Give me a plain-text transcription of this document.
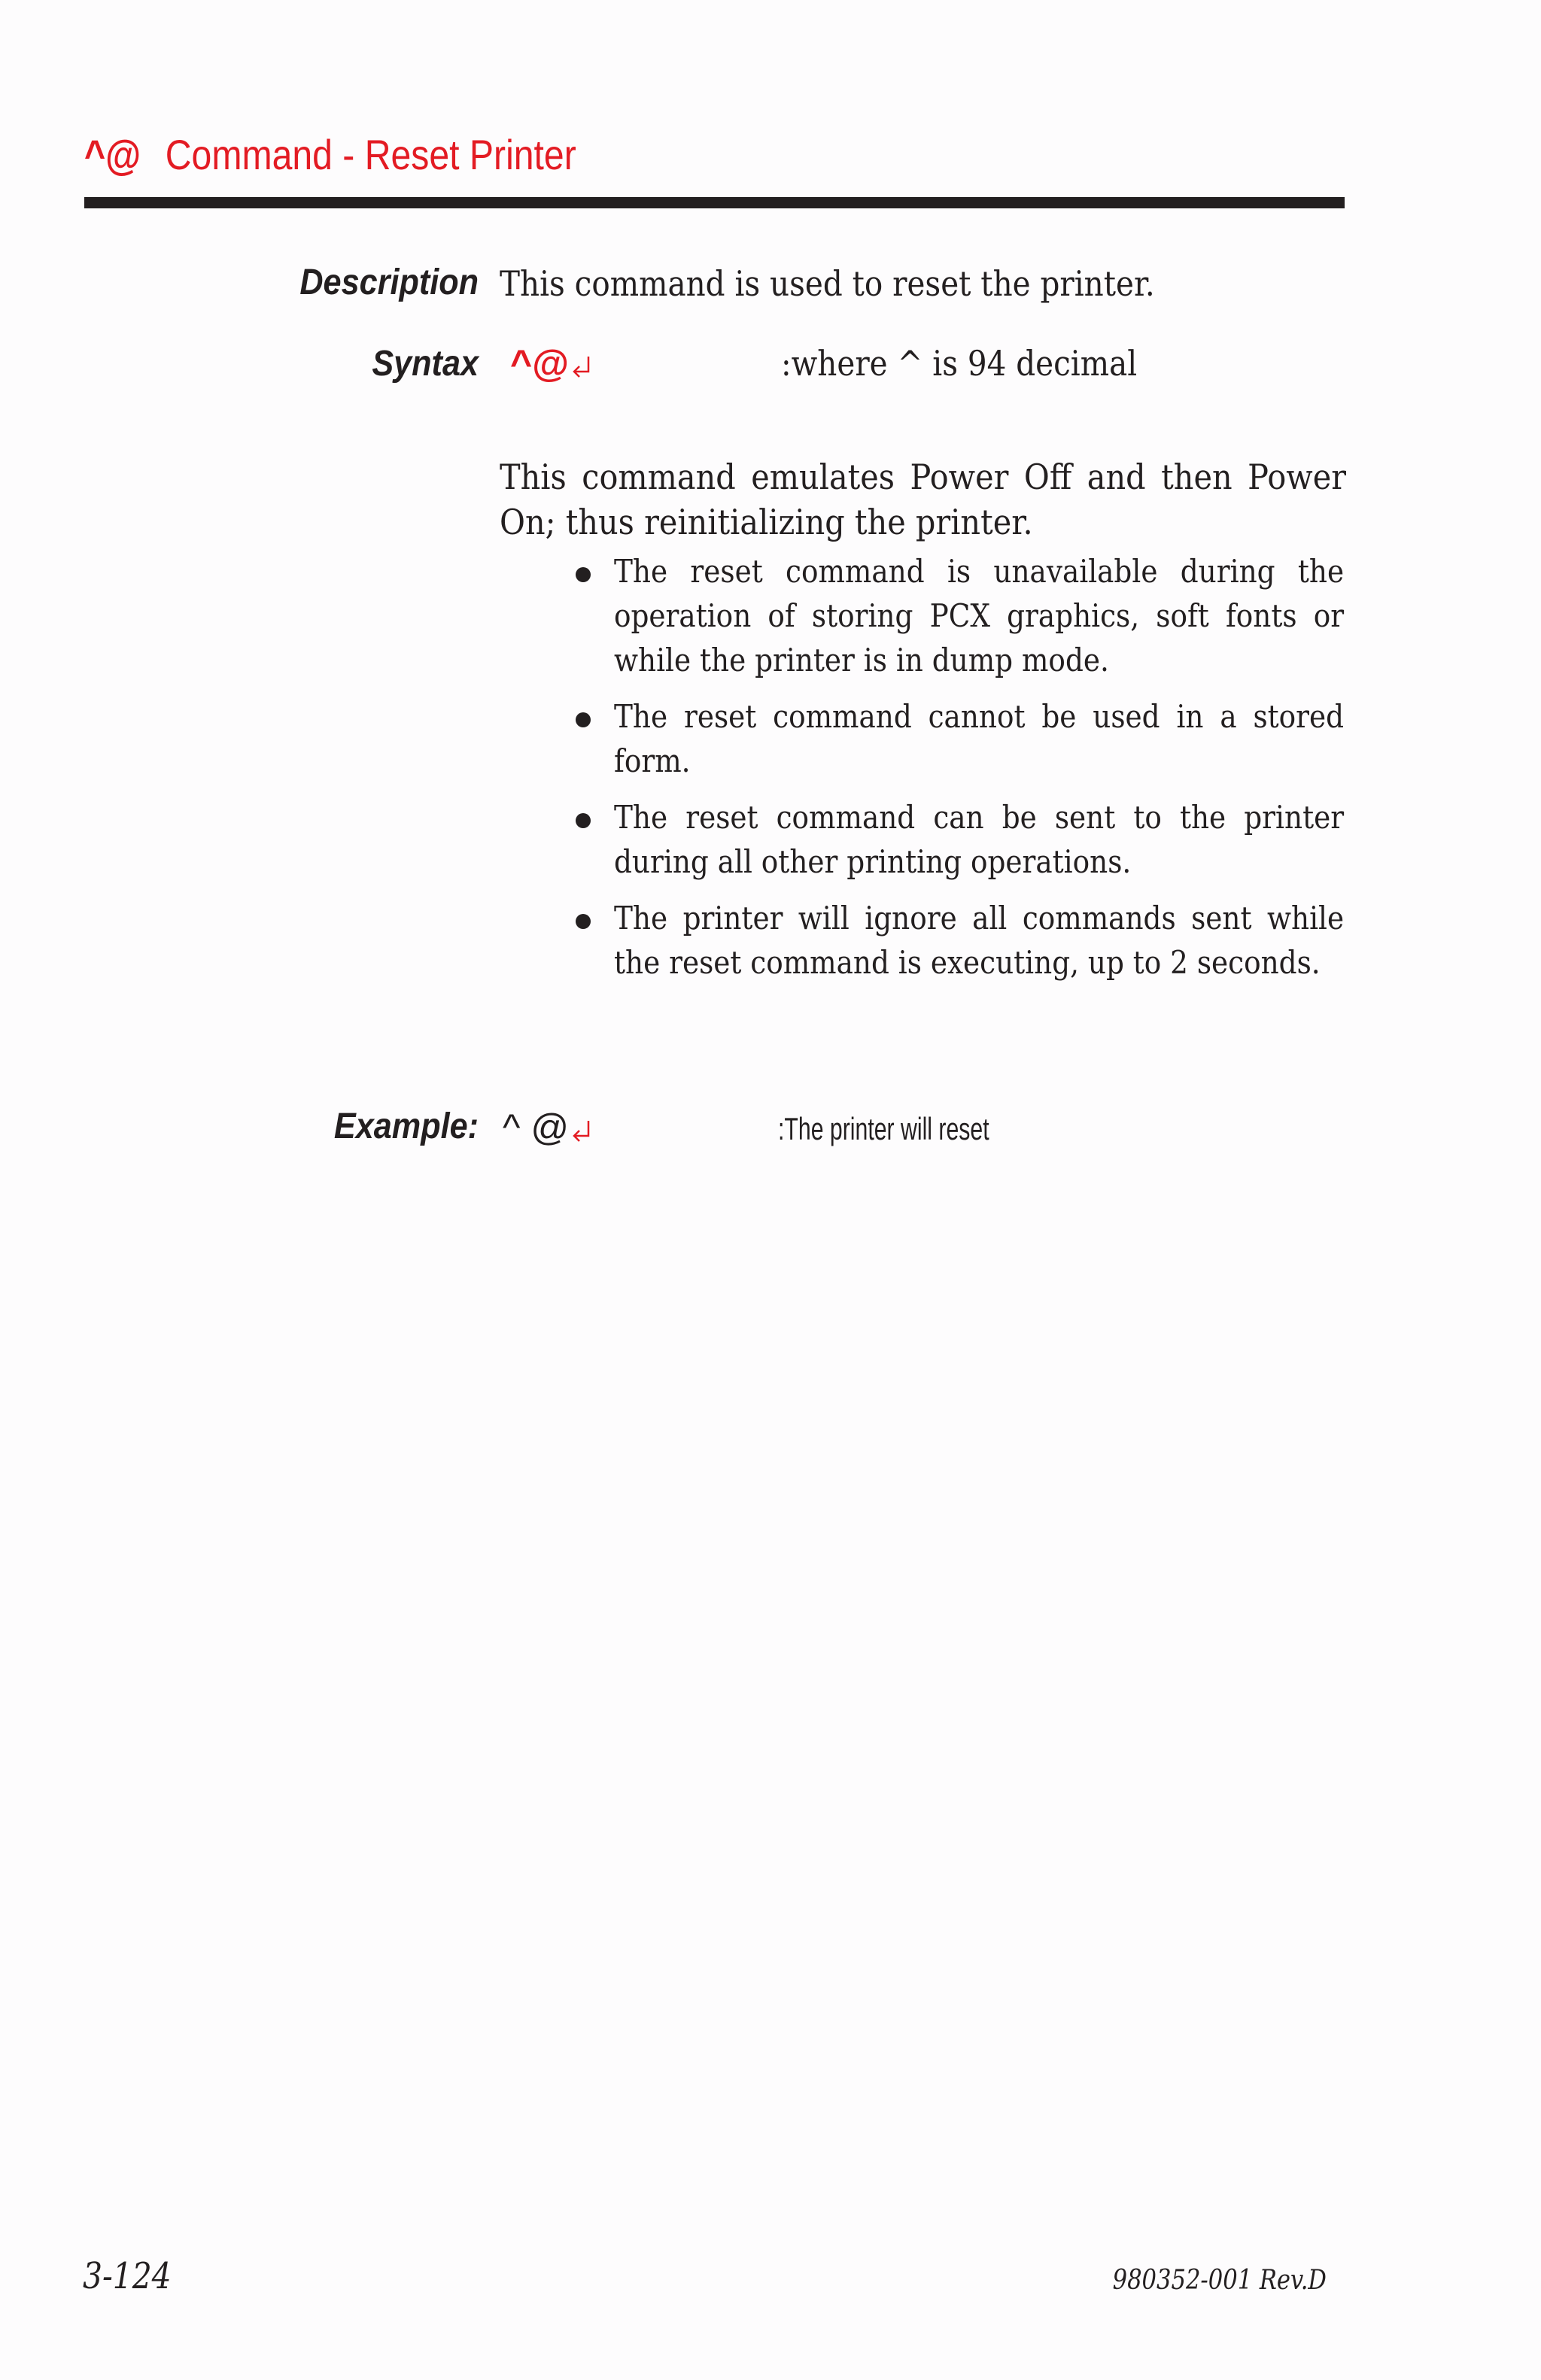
^@ Command - Reset Printer
Description This command is used to reset the printer.
Syntax ^@	:where ^ is 94 decimal
This command emulates Power Off and then Power On; thus reinitializing the printer.
The reset command is unavailable during the operation of storing PCX graphics, soft fonts or while the printer is in dump mode.
The reset command cannot be used in a stored form.
The reset command can be sent to the printer during all other printing operations.
The printer will ignore all commands sent while the reset command is executing, up to 2 seconds.
Example: ^ @	:The printer will reset
3-124	980352-001 Rev.D
